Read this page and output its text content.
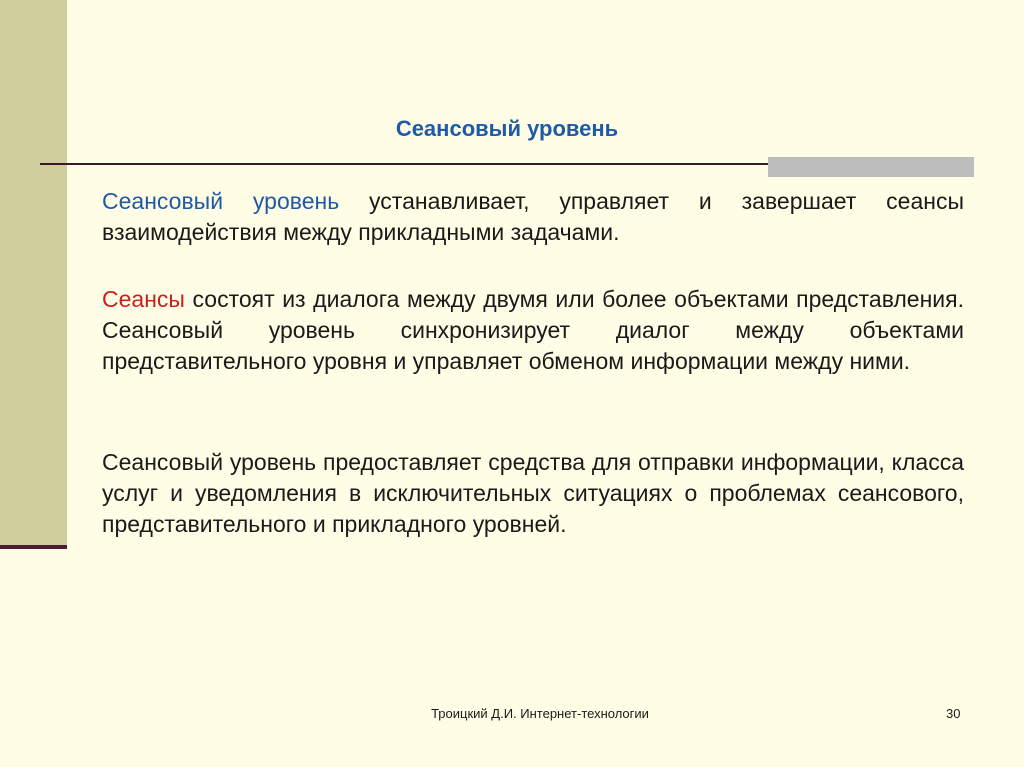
Сеансовый уровень
Сеансовый уровень устанавливает, управляет и завершает сеансы взаимодействия между прикладными задачами.
Сеансы состоят из диалога между двумя или более объектами представления. Сеансовый уровень синхронизирует диалог между объектами представительного уровня и управляет обменом информации между ними.
Сеансовый уровень предоставляет средства для отправки информации, класса услуг и уведомления в исключительных ситуациях о проблемах сеансового, представительного и прикладного уровней.
Троицкий Д.И. Интернет-технологии	30
